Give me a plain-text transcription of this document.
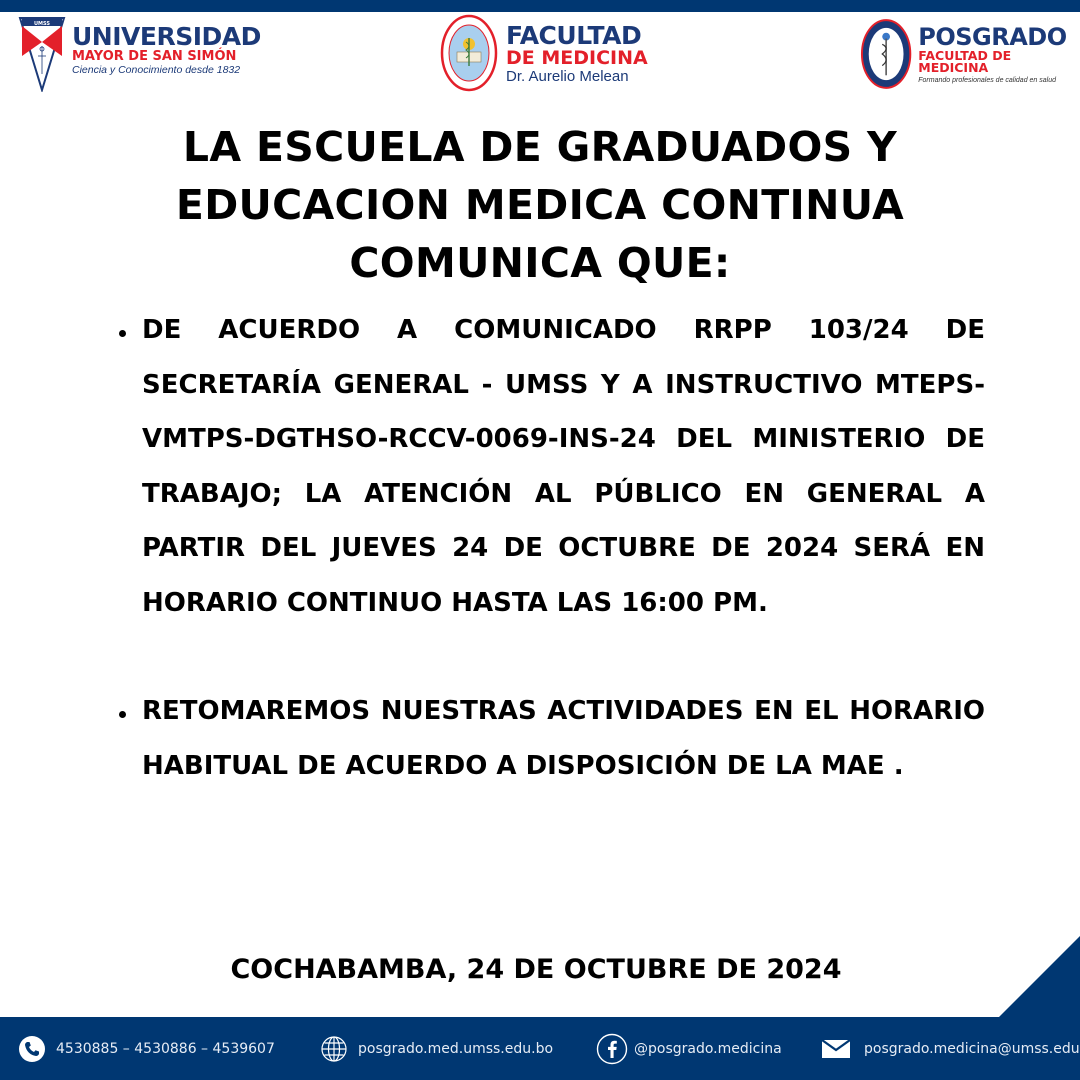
UMSS UNIVERSIDAD
MAYOR DE SAN SIMÓN
Ciencia y Conocimiento desde 1832
FACULTAD
DE MEDICINA
Dr. Aurelio Melean
POSGRADO
FACULTAD DE MEDICINA
Formando profesionales de calidad en salud
LA ESCUELA DE GRADUADOS Y
EDUCACION MEDICA CONTINUA
COMUNICA QUE:
DE ACUERDO A COMUNICADO RRPP 103/24 DE SECRETARÍA GENERAL - UMSS Y A INSTRUCTIVO MTEPS-VMTPS-DGTHSO-RCCV-0069-INS-24 DEL MINISTERIO DE TRABAJO; LA ATENCIÓN AL PÚBLICO EN GENERAL A PARTIR DEL JUEVES 24 DE OCTUBRE DE 2024 SERÁ EN HORARIO CONTINUO HASTA LAS 16:00 PM.
RETOMAREMOS NUESTRAS ACTIVIDADES EN EL HORARIO HABITUAL DE ACUERDO A DISPOSICIÓN DE LA MAE .
COCHABAMBA, 24 DE OCTUBRE DE 2024
4530885 – 4530886 – 4539607	posgrado.med.umss.edu.bo	@posgrado.medicina	posgrado.medicina@umss.edu
